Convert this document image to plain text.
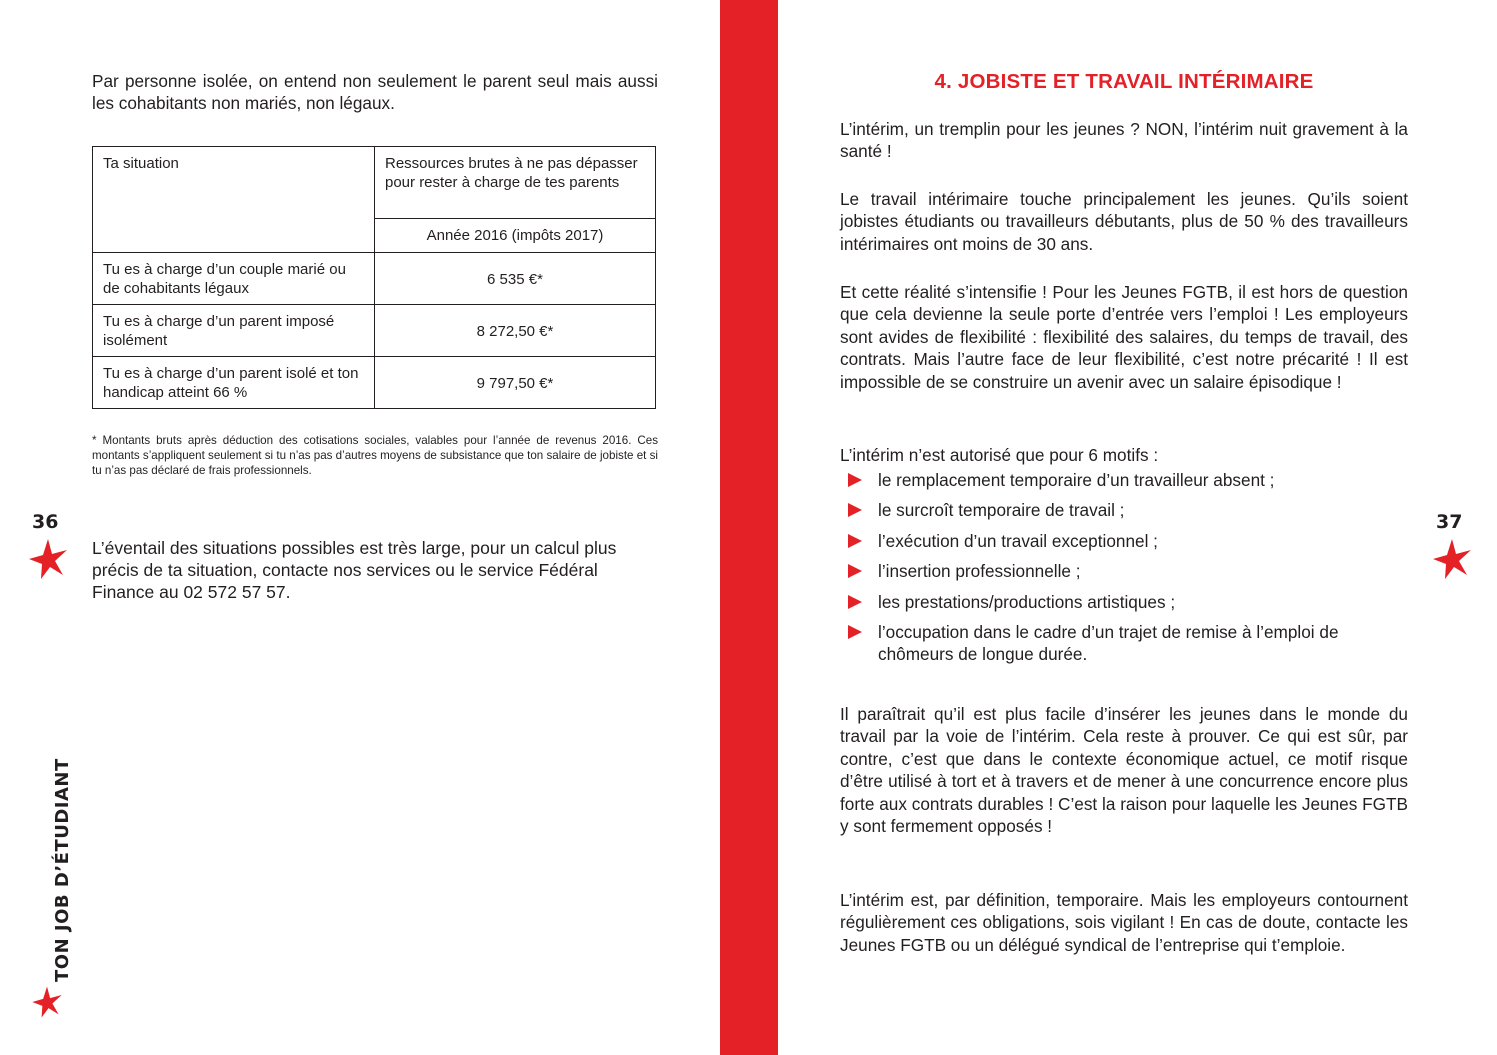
Par personne isolée, on entend non seulement le parent seul mais aussi les cohabitants non mariés, non légaux.

Ta situation	Ressources brutes à ne pas dépasser pour rester à charge de tes parents
	Année 2016 (impôts 2017)
Tu es à charge d’un couple marié ou de cohabitants légaux	6 535 €*
Tu es à charge d’un parent imposé isolément	8 272,50 €*
Tu es à charge d’un parent isolé et ton handicap atteint 66 %	9 797,50 €*

* Montants bruts après déduction des cotisations sociales, valables pour l’année de revenus 2016. Ces montants s’appliquent seulement si tu n’as pas d’autres moyens de subsistance que ton salaire de jobiste et si tu n’as pas déclaré de frais professionnels.

L’éventail des situations possibles est très large, pour un calcul plus précis de ta situation, contacte nos services ou le service Fédéral Finance au 02 572 57 57.

36
TON JOB D’ÉTUDIANT
4. JOBISTE ET TRAVAIL INTÉRIMAIRE

L’intérim, un tremplin pour les jeunes ? NON, l’intérim nuit gravement à la santé !

Le travail intérimaire touche principalement les jeunes. Qu’ils soient jobistes étudiants ou travailleurs débutants, plus de 50 % des travailleurs intérimaires ont moins de 30 ans.

Et cette réalité s’intensifie ! Pour les Jeunes FGTB, il est hors de question que cela devienne la seule porte d’entrée vers l’emploi ! Les employeurs sont avides de flexibilité : flexibilité des salaires, du temps de travail, des contrats. Mais l’autre face de leur flexibilité, c’est notre précarité ! Il est impossible de se construire un avenir avec un salaire épisodique !

L’intérim n’est autorisé que pour 6 motifs :

le remplacement temporaire d’un travailleur absent ;
le surcroît temporaire de travail ;
l’exécution d’un travail exceptionnel ;
l’insertion professionnelle ;
les prestations/productions artistiques ;
l’occupation dans le cadre d’un trajet de remise à l’emploi de chômeurs de longue durée.

Il paraîtrait qu’il est plus facile d’insérer les jeunes dans le monde du travail par la voie de l’intérim. Cela reste à prouver. Ce qui est sûr, par contre, c’est que dans le contexte économique actuel, ce motif risque d’être utilisé à tort et à travers et de mener à une concurrence encore plus forte aux contrats durables ! C’est la raison pour laquelle les Jeunes FGTB y sont fermement opposés !

L’intérim est, par définition, temporaire. Mais les employeurs contournent régulièrement ces obligations, sois vigilant ! En cas de doute, contacte les Jeunes FGTB ou un délégué syndical de l’entreprise qui t’emploie.

37
